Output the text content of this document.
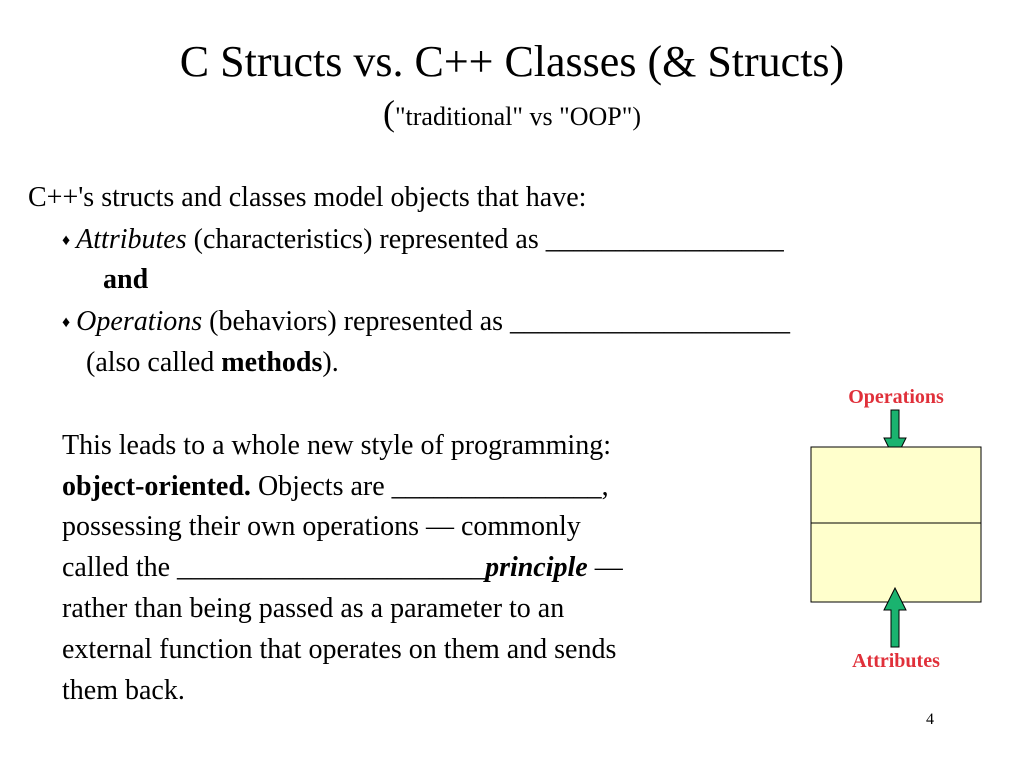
C Structs vs. C++ Classes (& Structs)
("traditional" vs "OOP")
C++'s structs and classes model objects that have:
♦ Attributes (characteristics) represented as _________________
and
♦ Operations (behaviors) represented as ____________________
(also called methods).
This leads to a whole new style of programming:
object-oriented. Objects are _______________,
possessing their own operations — commonly
called the ______________________principle —
rather than being passed as a parameter to an
external function that operates on them and sends
them back.
Operations
Attributes
4
